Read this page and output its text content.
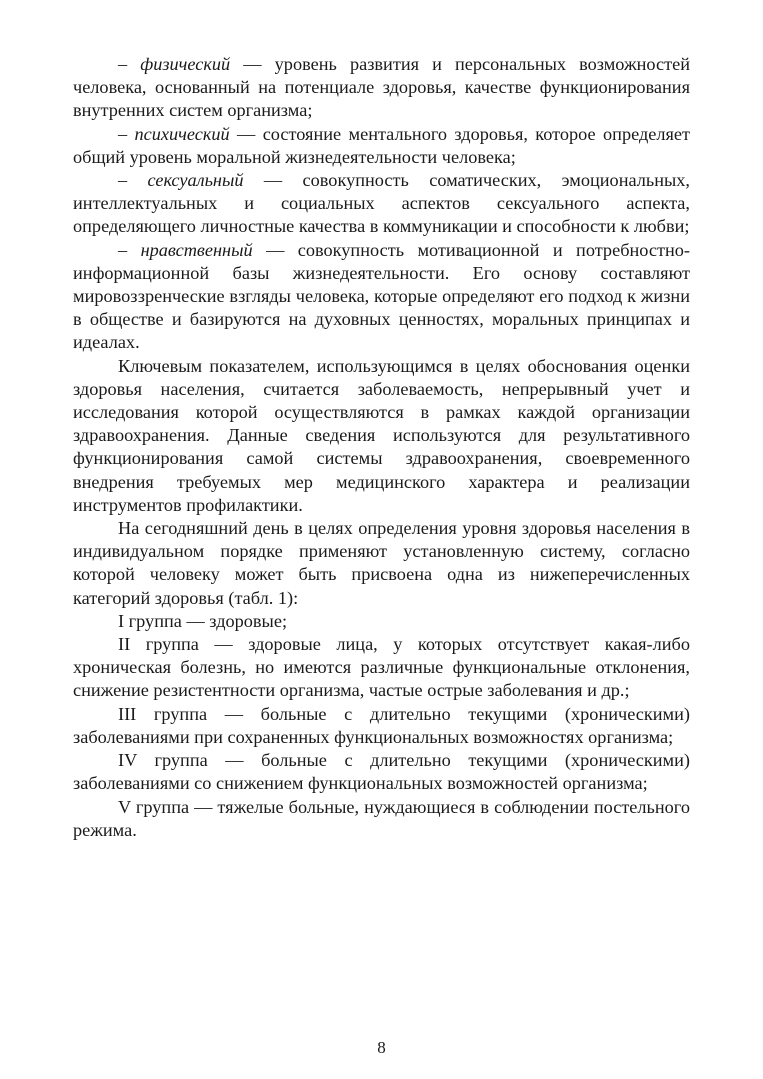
– физический — уровень развития и персональных возможностей человека, основанный на потенциале здоровья, качестве функционирования внутренних систем организма;

– психический — состояние ментального здоровья, которое определяет общий уровень моральной жизнедеятельности человека;

– сексуальный — совокупность соматических, эмоциональных, интеллектуальных и социальных аспектов сексуального аспекта, определяющего личностные качества в коммуникации и способности к любви;

– нравственный — совокупность мотивационной и потребностно-информационной базы жизнедеятельности. Его основу составляют мировоззренческие взгляды человека, которые определяют его подход к жизни в обществе и базируются на духовных ценностях, моральных принципах и идеалах.

Ключевым показателем, использующимся в целях обоснования оценки здоровья населения, считается заболеваемость, непрерывный учет и исследования которой осуществляются в рамках каждой организации здравоохранения. Данные сведения используются для результативного функционирования самой системы здравоохранения, своевременного внедрения требуемых мер медицинского характера и реализации инструментов профилактики.

На сегодняшний день в целях определения уровня здоровья населения в индивидуальном порядке применяют установленную систему, согласно которой человеку может быть присвоена одна из нижеперечисленных категорий здоровья (табл. 1):

I группа — здоровые;

II группа — здоровые лица, у которых отсутствует какая-либо хроническая болезнь, но имеются различные функциональные отклонения, снижение резистентности организма, частые острые заболевания и др.;

III группа — больные с длительно текущими (хроническими) заболеваниями при сохраненных функциональных возможностях организма;

IV группа — больные с длительно текущими (хроническими) заболеваниями со снижением функциональных возможностей организма;

V группа — тяжелые больные, нуждающиеся в соблюдении постельного режима.

8
